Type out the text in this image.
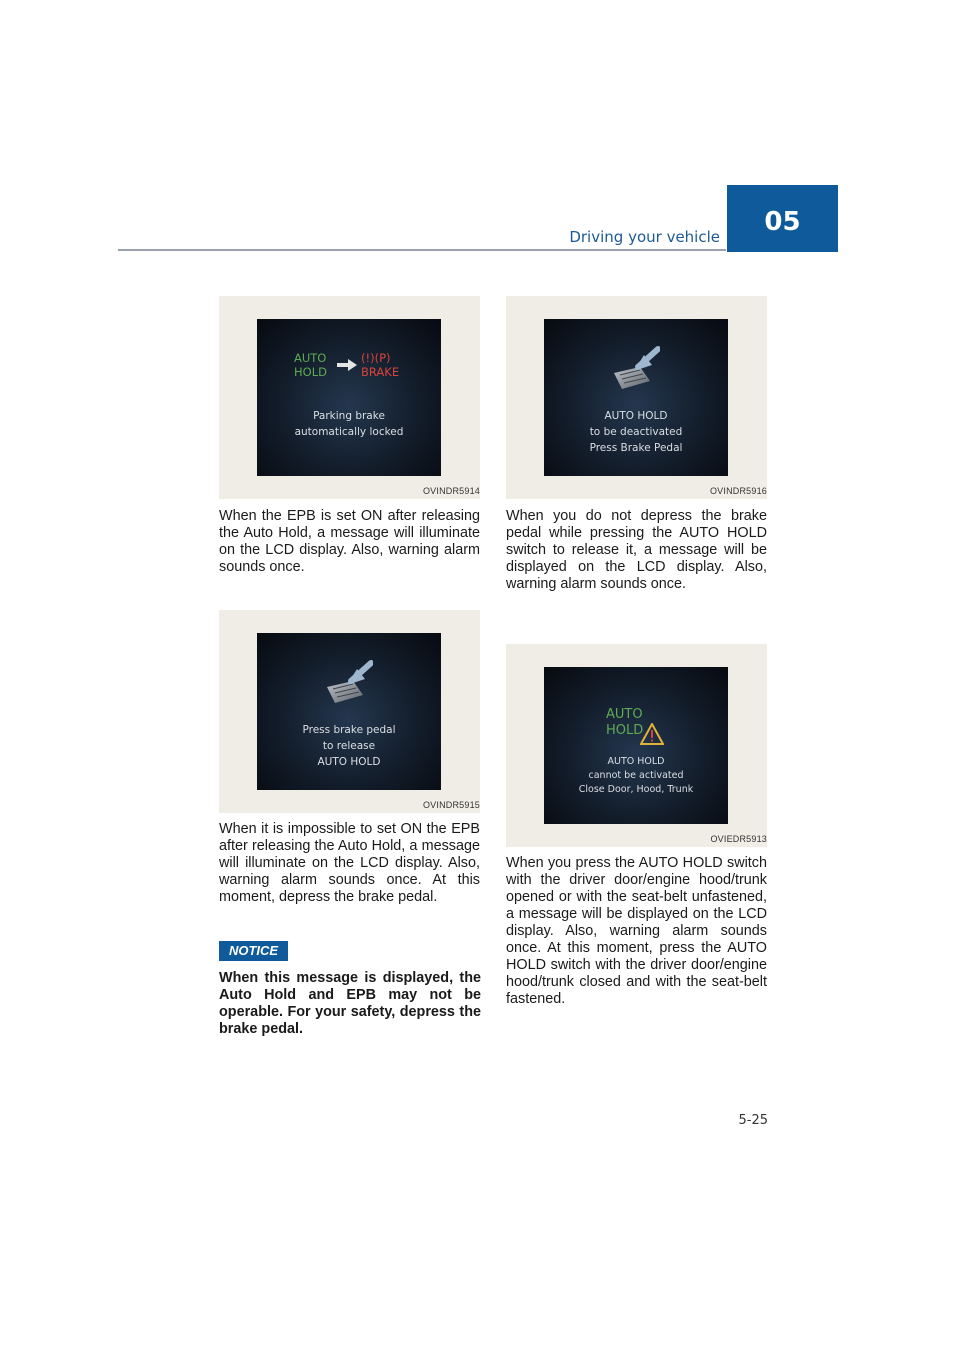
Driving your vehicle
05
AUTO
HOLD
(!)(P)
BRAKE
Parking brake
automatically locked
OVINDR5914
When the EPB is set ON after releasing the Auto Hold, a message will illuminate on the LCD display. Also, warning alarm sounds once.
Press brake pedal
to release
AUTO HOLD
OVINDR5915
When it is impossible to set ON the EPB after releasing the Auto Hold, a message will illuminate on the LCD display. Also, warning alarm sounds once. At this moment, depress the brake pedal.
NOTICE
When this message is displayed, the Auto Hold and EPB may not be operable. For your safety, depress the brake pedal.
AUTO HOLD
to be deactivated
Press Brake Pedal
OVINDR5916
When you do not depress the brake pedal while pressing the AUTO HOLD switch to release it, a message will be displayed on the LCD display. Also, warning alarm sounds once.
AUTO
HOLD
AUTO HOLD
cannot be activated
Close Door, Hood, Trunk
OVIEDR5913
When you press the AUTO HOLD switch with the driver door/engine hood/trunk opened or with the seat-belt unfastened, a message will be displayed on the LCD display. Also, warning alarm sounds once. At this moment, press the AUTO HOLD switch with the driver door/engine hood/trunk closed and with the seat-belt fastened.
5-25
